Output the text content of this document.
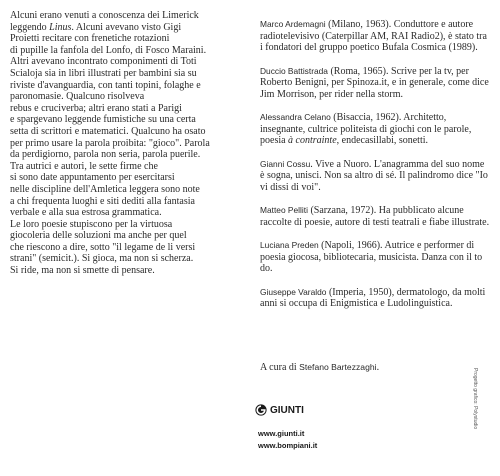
Alcuni erano venuti a conoscenza dei Limerick

leggendo Linus. Alcuni avevano visto Gigi

Proietti recitare con frenetiche rotazioni

di pupille la fanfola del Lonfo, di Fosco Maraini.

Altri avevano incontrato componimenti di Toti

Scialoja sia in libri illustrati per bambini sia su

riviste d'avanguardia, con tanti topini, folaghe e

paronomasie. Qualcuno risolveva

rebus e cruciverba; altri erano stati a Parigi

e spargevano leggende fumistiche su una certa

setta di scrittori e matematici. Qualcuno ha osato

per primo usare la parola proibita: "gioco". Parola

da perdigiorno, parola non seria, parola puerile.

Tra autrici e autori, le sette firme che

si sono date appuntamento per esercitarsi

nelle discipline dell'Amletica leggera sono note

a chi frequenta luoghi e siti dediti alla fantasia

verbale e alla sua estrosa grammatica.

Le loro poesie stupiscono per la virtuosa

giocoleria delle soluzioni ma anche per quel

che riescono a dire, sotto "il legame de li versi

strani" (semicit.). Si gioca, ma non si scherza.

Si ride, ma non si smette di pensare.

Marco Ardemagni (Milano, 1963). Conduttore e autore radiotelevisivo (Caterpillar AM, RAI Radio2), è stato tra i fondatori del gruppo poetico Bufala Cosmica (1989).

Duccio Battistrada (Roma, 1965). Scrive per la tv, per Roberto Benigni, per Spinoza.it, e in generale, come dice Jim Morrison, per rider nella storm.

Alessandra Celano (Bisaccia, 1962). Architetto, insegnante, cultrice politeista di giochi con le parole, poesia à contrainte, endecasillabi, sonetti.

Gianni Cossu. Vive a Nuoro. L'anagramma del suo nome è sogna, unisci. Non sa altro di sé. Il palindromo dice "Io vi dissi di voi".

Matteo Pelliti (Sarzana, 1972). Ha pubblicato alcune raccolte di poesie, autore di testi teatrali e fiabe illustrate.

Luciana Preden (Napoli, 1966). Autrice e performer di poesia giocosa, bibliotecaria, musicista. Danza con il to do.

Giuseppe Varaldo (Imperia, 1950), dermatologo, da molti anni si occupa di Enigmistica e Ludolinguistica.

A cura di Stefano Bartezzaghi.
GIUNTI
www.giunti.it
www.bompiani.it
Progetto grafico: Polystudio
